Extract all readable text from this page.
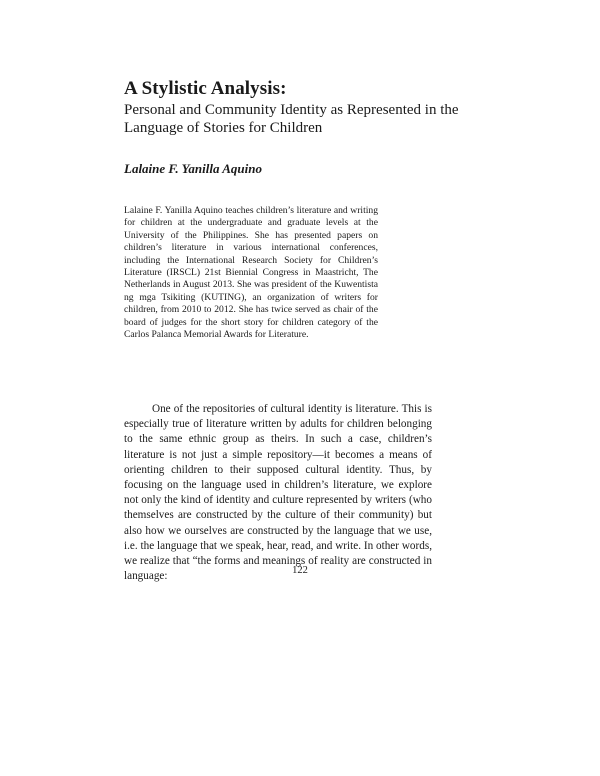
A Stylistic Analysis:
Personal and Community Identity as Represented in the Language of Stories for Children
Lalaine F. Yanilla Aquino
Lalaine F. Yanilla Aquino teaches children’s literature and writing for children at the undergraduate and graduate levels at the University of the Philippines. She has presented papers on children’s literature in various international conferences, including the International Research Society for Children’s Literature (IRSCL) 21st Biennial Congress in Maastricht, The Netherlands in August 2013. She was president of the Kuwentista ng mga Tsikiting (KUTING), an organization of writers for children, from 2010 to 2012. She has twice served as chair of the board of judges for the short story for children category of the Carlos Palanca Memorial Awards for Literature.

One of the repositories of cultural identity is literature. This is especially true of literature written by adults for children belonging to the same ethnic group as theirs. In such a case, children’s literature is not just a simple repository—it becomes a means of orienting children to their supposed cultural identity. Thus, by focusing on the language used in children’s literature, we explore not only the kind of identity and culture represented by writers (who themselves are constructed by the culture of their community) but also how we ourselves are constructed by the language that we use, i.e. the language that we speak, hear, read, and write. In other words, we realize that “the forms and meanings of reality are constructed in language:	122
